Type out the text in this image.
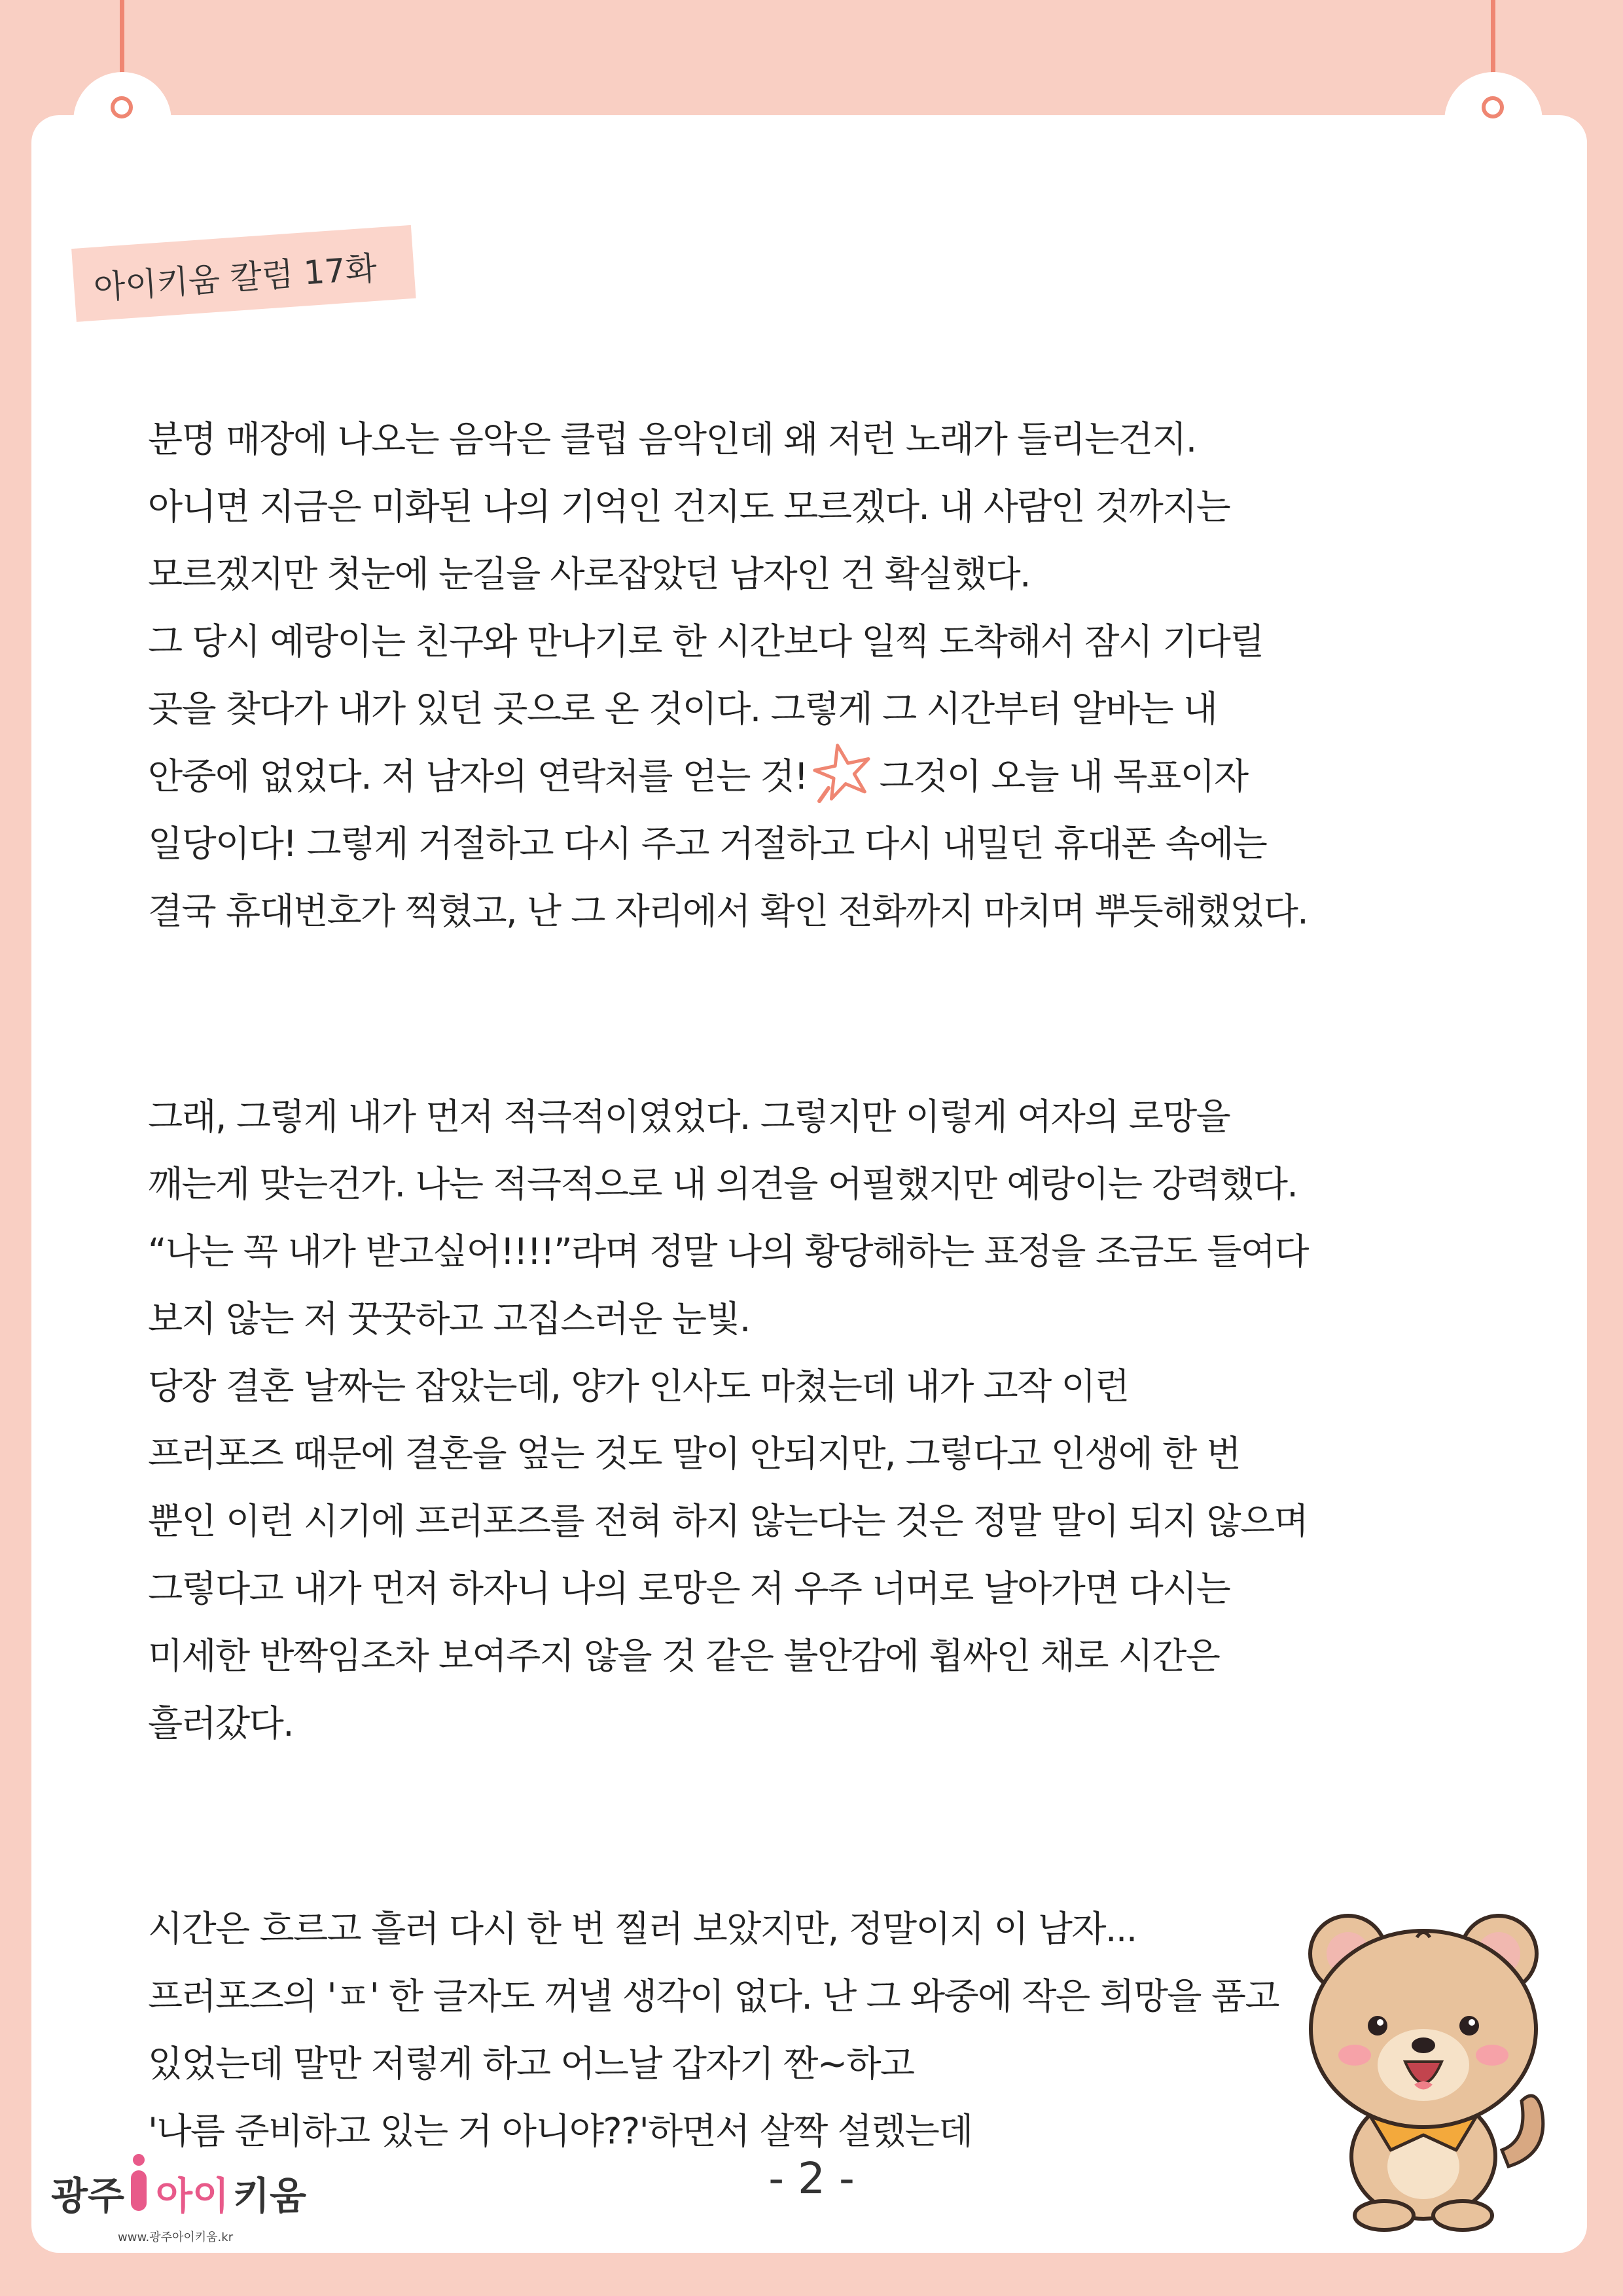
아이키움 칼럼 17화
분명 매장에 나오는 음악은 클럽 음악인데 왜 저런 노래가 들리는건지.
아니면 지금은 미화된 나의 기억인 건지도 모르겠다. 내 사람인 것까지는
모르겠지만 첫눈에 눈길을 사로잡았던 남자인 건 확실했다.
그 당시 예랑이는 친구와 만나기로 한 시간보다 일찍 도착해서 잠시 기다릴
곳을 찾다가 내가 있던 곳으로 온 것이다. 그렇게 그 시간부터 알바는 내
안중에 없었다. 저 남자의 연락처를 얻는 것! 그것이 오늘 내 목표이자
일당이다! 그렇게 거절하고 다시 주고 거절하고 다시 내밀던 휴대폰 속에는
결국 휴대번호가 찍혔고, 난 그 자리에서 확인 전화까지 마치며 뿌듯해했었다.
그래, 그렇게 내가 먼저 적극적이였었다. 그렇지만 이렇게 여자의 로망을
깨는게 맞는건가. 나는 적극적으로 내 의견을 어필했지만 예랑이는 강력했다.
“나는 꼭 내가 받고싶어!!!!”라며 정말 나의 황당해하는 표정을 조금도 들여다
보지 않는 저 꿋꿋하고 고집스러운 눈빛.
당장 결혼 날짜는 잡았는데, 양가 인사도 마쳤는데 내가 고작 이런
프러포즈 때문에 결혼을 엎는 것도 말이 안되지만, 그렇다고 인생에 한 번
뿐인 이런 시기에 프러포즈를 전혀 하지 않는다는 것은 정말 말이 되지 않으며
그렇다고 내가 먼저 하자니 나의 로망은 저 우주 너머로 날아가면 다시는
미세한 반짝임조차 보여주지 않을 것 같은 불안감에 휩싸인 채로 시간은
흘러갔다.
시간은 흐르고 흘러 다시 한 번 찔러 보았지만, 정말이지 이 남자...
프러포즈의 'ㅍ' 한 글자도 꺼낼 생각이 없다. 난 그 와중에 작은 희망을 품고
있었는데 말만 저렇게 하고 어느날 갑자기 짠~하고
'나름 준비하고 있는 거 아니야??'하면서 살짝 설렜는데
광주 아이 키움
www.광주아이키움.kr
- 2 -
